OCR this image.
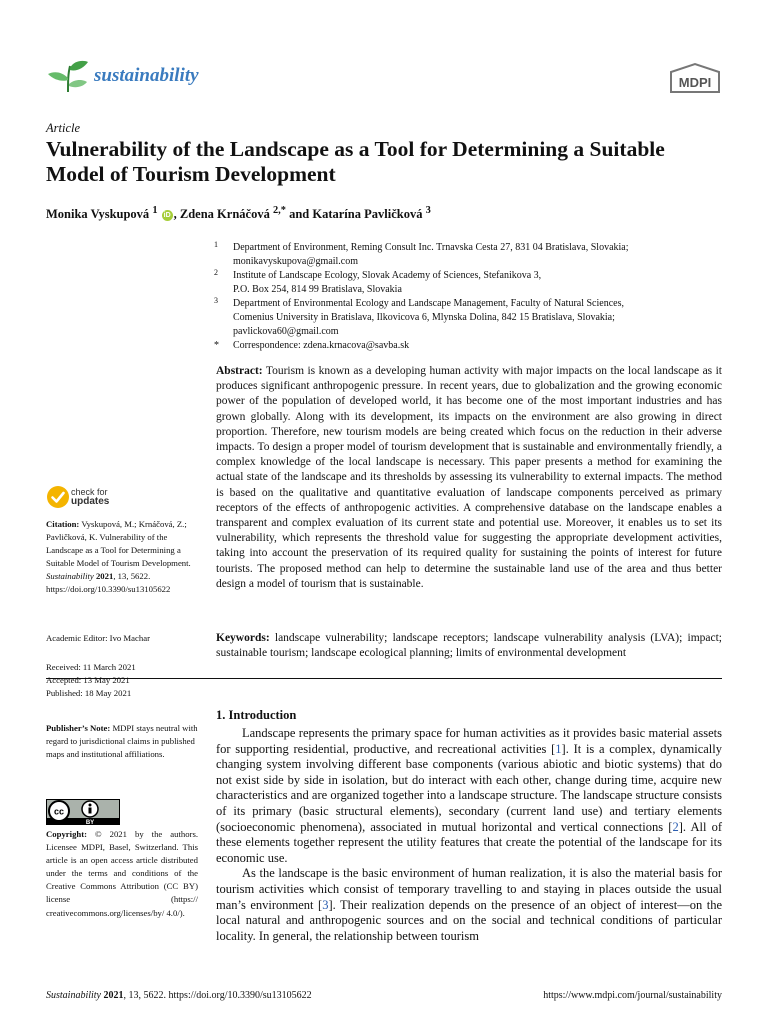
sustainability	MDPI
Article
Vulnerability of the Landscape as a Tool for Determining a Suitable Model of Tourism Development
Monika Vyskupová $^1$ iD , Zdena Krnáčová $^{2,*}$ and Katarína Pavličková $^3$
1 Department of Environment, Reming Consult Inc. Trnavska Cesta 27, 831 04 Bratislava, Slovakia;
monikavyskupova@gmail.com
2 Institute of Landscape Ecology, Slovak Academy of Sciences, Stefanikova 3,
P.O. Box 254, 814 99 Bratislava, Slovakia
3 Department of Environmental Ecology and Landscape Management, Faculty of Natural Sciences,
Comenius University in Bratislava, Ilkovicova 6, Mlynska Dolina, 842 15 Bratislava, Slovakia;
pavlickova60@gmail.com
* Correspondence: zdena.krnacova@savba.sk

Abstract: Tourism is known as a developing human activity with major impacts on the local landscape as it produces significant anthropogenic pressure. In recent years, due to globalization and the growing economic power of the population of developed world, it has become one of the most important industries and has grown globally. Along with its development, its impacts on the environment are also growing in direct proportion. Therefore, new tourism models are being created which focus on the reduction in their adverse impacts. To design a proper model of tourism development that is sustainable and environmentally friendly, a complex knowledge of the local landscape is necessary. This paper presents a method for examining the actual state of the landscape and its thresholds by assessing its vulnerability to external impacts. The method is based on the qualitative and quantitative evaluation of landscape components perceived as primary receptors of the effects of anthropogenic activities. A comprehensive database on the landscape enables a transparent and complex evaluation of its current state and potential use. Moreover, it enables us to set its vulnerability, which represents the threshold value for suggesting the appropriate development activities, taking into account the preservation of its required quality for sustaining the points of interest for future tourists. The proposed method can help to determine the sustainable land use of the area and thus better design a model of tourism that is sustainable.

Keywords: landscape vulnerability; landscape receptors; landscape vulnerability analysis (LVA); impact; sustainable tourism; landscape ecological planning; limits of environmental development

1. Introduction

Landscape represents the primary space for human activities as it provides basic material assets for supporting residential, productive, and recreational activities [1]. It is a complex, dynamically changing system involving different base components (various abiotic and biotic systems) that do not exist side by side in isolation, but do interact with each other, change during time, acquire new characteristics and are organized together into a landscape structure. The landscape structure consists of its primary (basic structural elements), secondary (current land use) and tertiary elements (socioeconomic phenomena), associated in mutual horizontal and vertical connections [2]. All of these elements together represent the utility features that create the potential of the landscape for its economic use.

As the landscape is the basic environment of human realization, it is also the material basis for tourism activities which consist of temporary travelling to and staying in places outside the usual man’s environment [3]. Their realization depends on the presence of an object of interest—on the local natural and anthropogenic sources and on the social and technical conditions of particular locality. In general, the relationship between tourism

check for
updates

Citation: Vyskupová, M.; Krnáčová, Z.; Pavličková, K. Vulnerability of the Landscape as a Tool for Determining a Suitable Model of Tourism Development. Sustainability 2021, 13, 5622.

https://doi.org/10.3390/su13105622

Academic Editor: Ivo Machar

Received: 11 March 2021

Accepted: 13 May 2021

Published: 18 May 2021

Publisher’s Note: MDPI stays neutral with regard to jurisdictional claims in published maps and institutional affiliations.

cc
BY

Copyright: © 2021 by the authors. Licensee MDPI, Basel, Switzerland. This article is an open access article distributed under the terms and conditions of the Creative Commons Attribution (CC BY) license (https:// creativecommons.org/licenses/by/ 4.0/).

Sustainability 2021, 13, 5622. https://doi.org/10.3390/su13105622	https://www.mdpi.com/journal/sustainability
